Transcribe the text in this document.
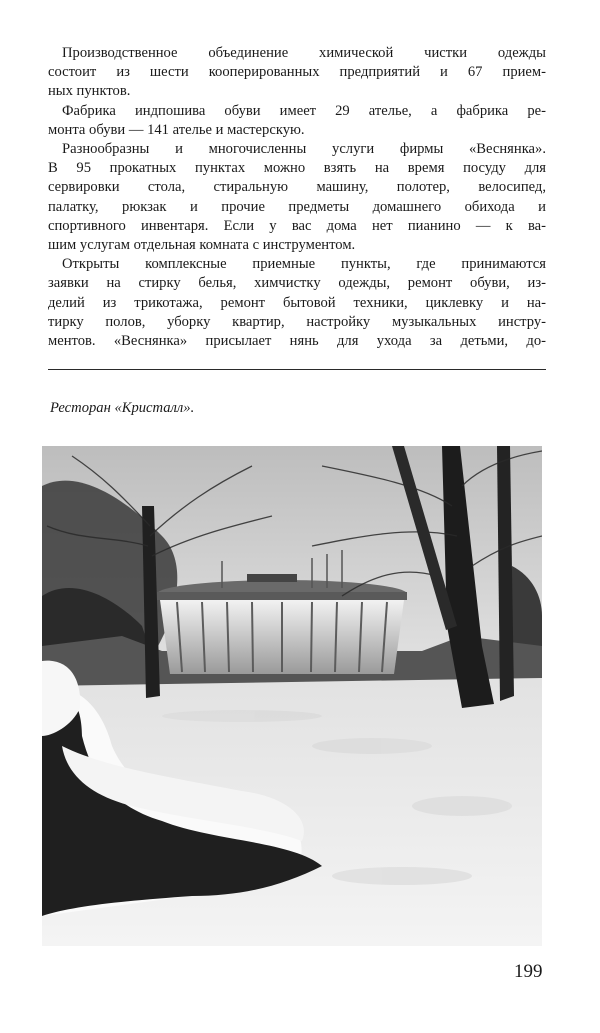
Производственное объединение химической чистки одежды
состоит из шести кооперированных предприятий и 67 прием-
ных пунктов.

Фабрика индпошива обуви имеет 29 ателье, а фабрика ре-
монта обуви — 141 ателье и мастерскую.

Разнообразны и многочисленны услуги фирмы «Веснянка».
В 95 прокатных пунктах можно взять на время посуду для
сервировки стола, стиральную машину, полотер, велосипед,
палатку, рюкзак и прочие предметы домашнего обихода и
спортивного инвентаря. Если у вас дома нет пианино — к ва-
шим услугам отдельная комната с инструментом.

Открыты комплексные приемные пункты, где принимаются
заявки на стирку белья, химчистку одежды, ремонт обуви, из-
делий из трикотажа, ремонт бытовой техники, циклевку и на-
тирку полов, уборку квартир, настройку музыкальных инстру-
ментов. «Веснянка» присылает нянь для ухода за детьми, до-

Ресторан «Кристалл».
199
